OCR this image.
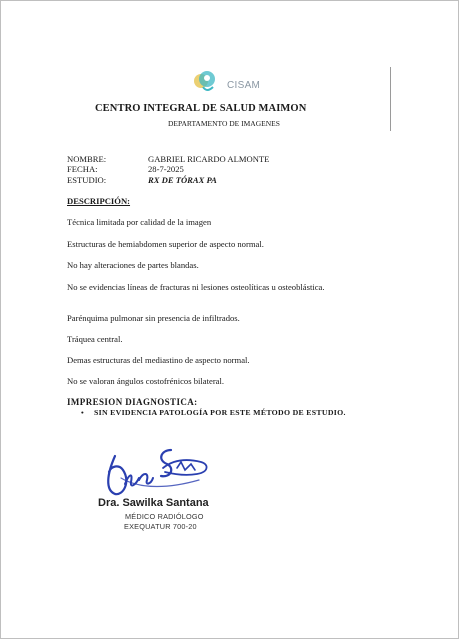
CISAM
CENTRO INTEGRAL DE SALUD MAIMON
DEPARTAMENTO DE IMAGENES
NOMBRE:	GABRIEL RICARDO ALMONTE
FECHA:	28-7-2025
ESTUDIO:	RX DE TÓRAX PA
DESCRIPCIÓN:
Técnica limitada por calidad de la imagen
Estructuras de hemiabdomen superior de aspecto normal.
No hay alteraciones de partes blandas.
No se evidencias líneas de fracturas ni lesiones osteolíticas u osteoblástica.
Parénquima pulmonar sin presencia de infiltrados.
Tráquea central.
Demas estructuras del mediastino de aspecto normal.
No se valoran ángulos costofrénicos bilateral.
IMPRESION DIAGNOSTICA:
• SIN EVIDENCIA PATOLOGÍA POR ESTE MÉTODO DE ESTUDIO.
Dra. Sawilka Santana
MÉDICO RADIÓLOGO
EXEQUATUR 700-20
